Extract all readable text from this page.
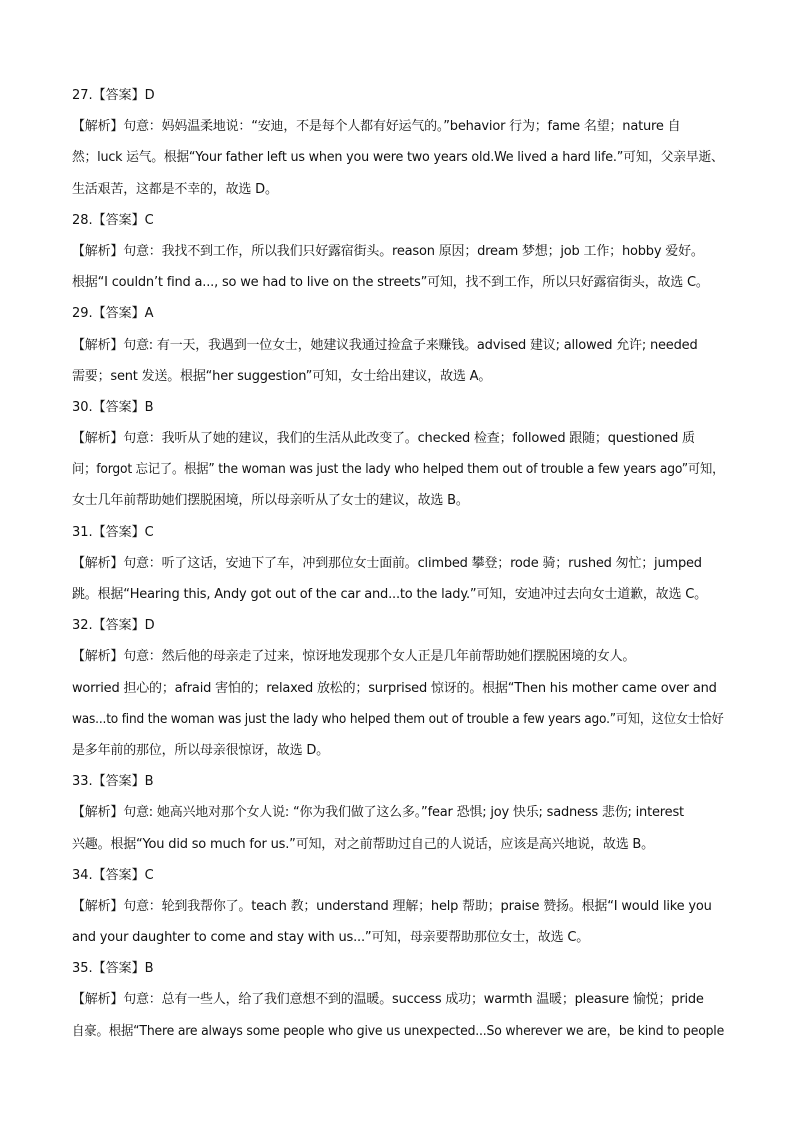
27.【答案】D
【解析】句意：妈妈温柔地说：“安迪，不是每个人都有好运气的。”behavior 行为；fame 名望；nature 自
然；luck 运气。根据“Your father left us when you were two years old.We lived a hard life.”可知，父亲早逝、
生活艰苦，这都是不幸的，故选 D。
28.【答案】C
【解析】句意：我找不到工作，所以我们只好露宿街头。reason 原因；dream 梦想；job 工作；hobby 爱好。
根据“I couldn’t find a..., so we had to live on the streets”可知，找不到工作，所以只好露宿街头，故选 C。
29.【答案】A
【解析】句意: 有一天，我遇到一位女士，她建议我通过捡盒子来赚钱。advised 建议; allowed 允许; needed
需要；sent 发送。根据“her suggestion”可知，女士给出建议，故选 A。
30.【答案】B
【解析】句意：我听从了她的建议，我们的生活从此改变了。checked 检查；followed 跟随；questioned 质
问；forgot 忘记了。根据” the woman was just the lady who helped them out of trouble a few years ago”可知，
女士几年前帮助她们摆脱困境，所以母亲听从了女士的建议，故选 B。
31.【答案】C
【解析】句意：听了这话，安迪下了车，冲到那位女士面前。climbed 攀登；rode 骑；rushed 匆忙；jumped
跳。根据“Hearing this, Andy got out of the car and...to the lady.”可知，安迪冲过去向女士道歉，故选 C。
32.【答案】D
【解析】句意：然后他的母亲走了过来，惊讶地发现那个女人正是几年前帮助她们摆脱困境的女人。
worried 担心的；afraid 害怕的；relaxed 放松的；surprised 惊讶的。根据“Then his mother came over and
was...to find the woman was just the lady who helped them out of trouble a few years ago.”可知，这位女士恰好
是多年前的那位，所以母亲很惊讶，故选 D。
33.【答案】B
【解析】句意: 她高兴地对那个女人说: “你为我们做了这么多。”fear 恐惧; joy 快乐; sadness 悲伤; interest
兴趣。根据“You did so much for us.”可知，对之前帮助过自己的人说话，应该是高兴地说，故选 B。
34.【答案】C
【解析】句意：轮到我帮你了。teach 教；understand 理解；help 帮助；praise 赞扬。根据“I would like you
and your daughter to come and stay with us...”可知，母亲要帮助那位女士，故选 C。
35.【答案】B
【解析】句意：总有一些人，给了我们意想不到的温暖。success 成功；warmth 温暖；pleasure 愉悦；pride
自豪。根据“There are always some people who give us unexpected...So wherever we are，be kind to people
